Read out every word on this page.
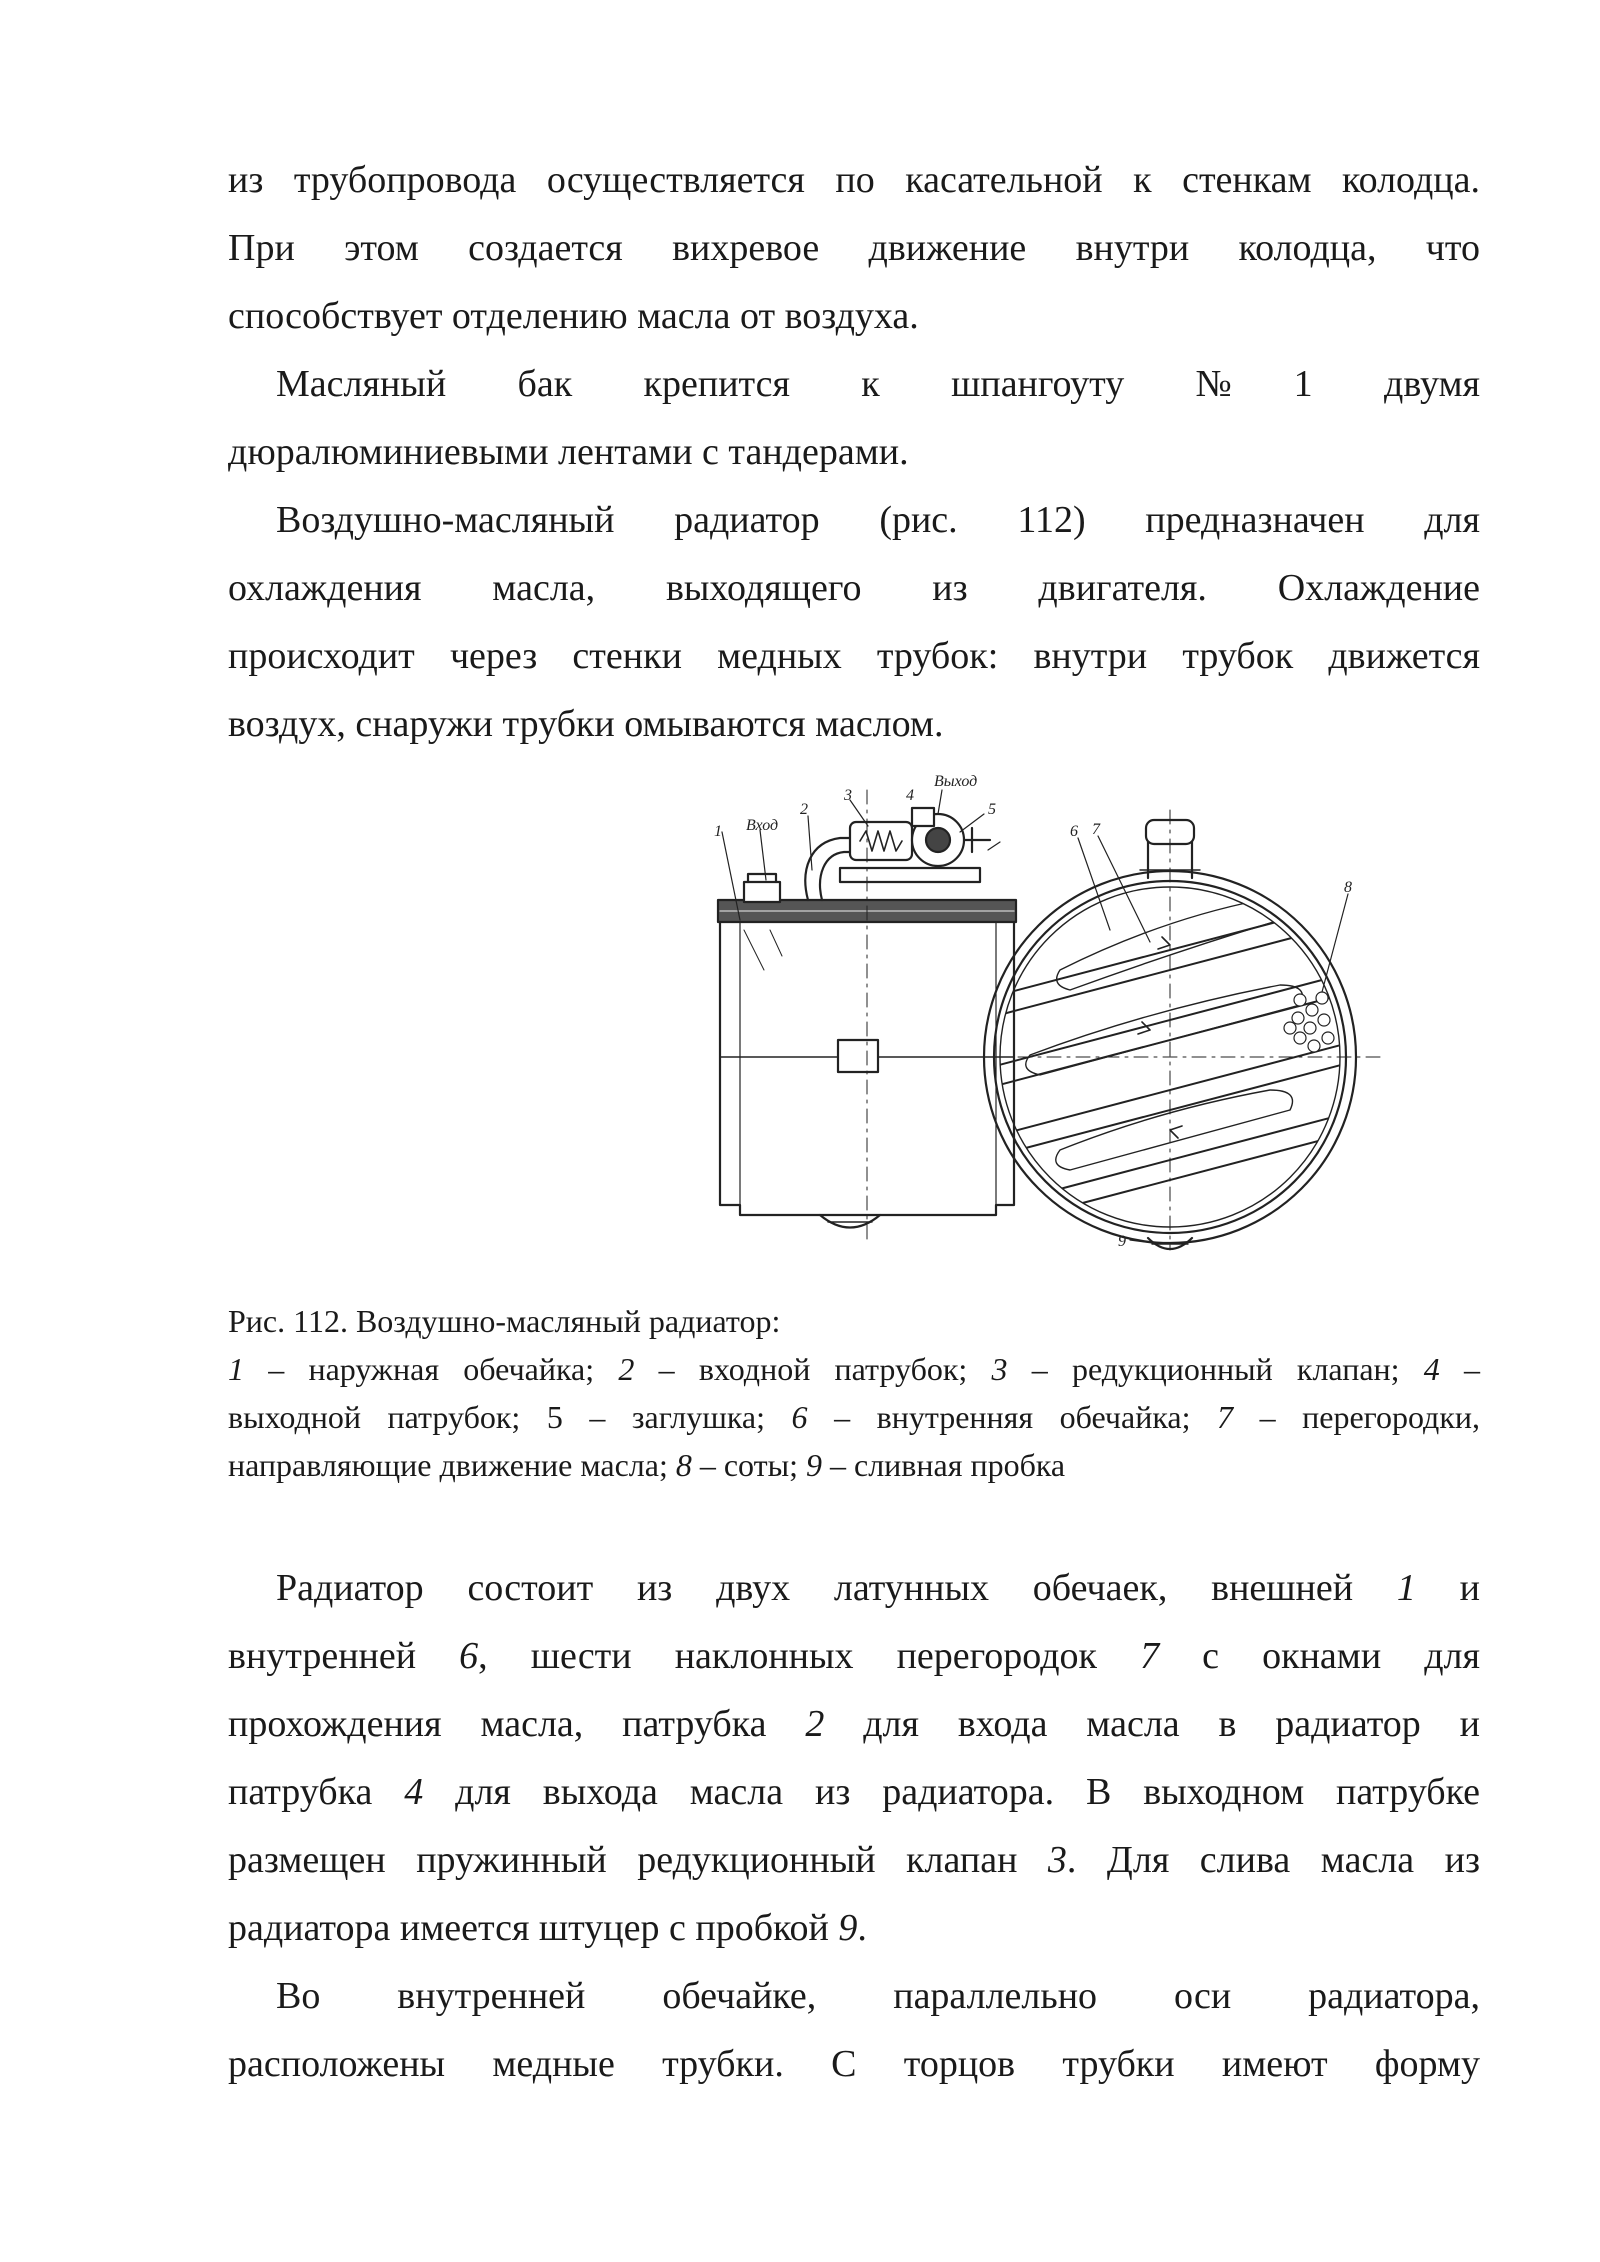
из трубопровода осуществляется по касательной к стенкам колодца.
При этом создается вихревое движение внутри колодца, что
способствует отделению масла от воздуха.

Масляный бак крепится к шпангоуту №1 двумя
дюралюминиевыми лентами с тандерами.

Воздушно-масляный радиатор (рис. 112) предназначен для
охлаждения масла, выходящего из двигателя. Охлаждение
происходит через стенки медных трубок: внутри трубок движется
воздух, снаружи трубки омываются маслом.

Выход
Вход
1
2
3	4
5
6 7
8
9
Рис. 112. Воздушно-масляный радиатор:
1 – наружная обечайка; 2 – входной патрубок; 3 – редукционный клапан; 4 –
выходной патрубок; 5 – заглушка; 6 – внутренняя обечайка; 7 – перегородки,
направляющие движение масла; 8 – соты; 9 – сливная пробка
Радиатор состоит из двух латунных обечаек, внешней 1 и
внутренней 6, шести наклонных перегородок 7 с окнами для
прохождения масла, патрубка 2 для входа масла в радиатор и
патрубка 4 для выхода масла из радиатора. В выходном патрубке
размещен пружинный редукционный клапан 3. Для слива масла из
радиатора имеется штуцер с пробкой 9.

Во внутренней обечайке, параллельно оси радиатора,
расположены медные трубки. С торцов трубки имеют форму
